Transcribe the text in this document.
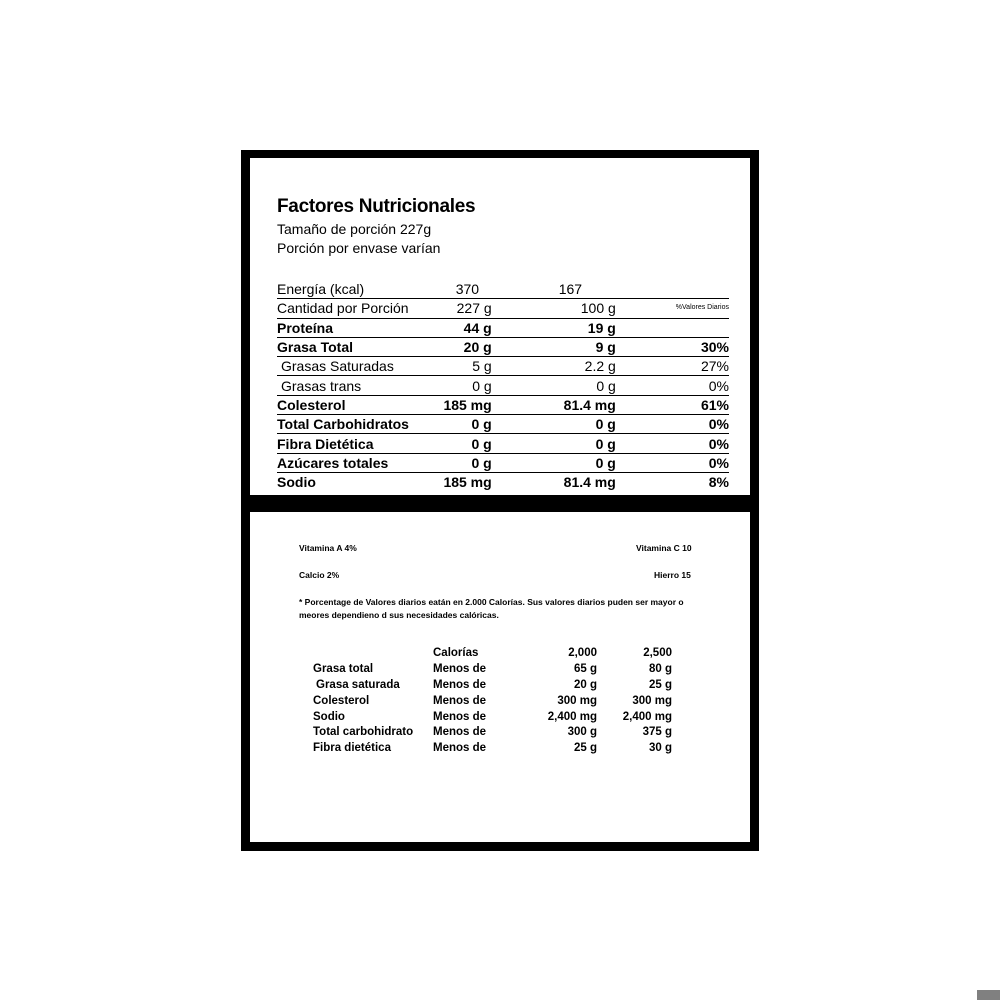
Factores Nutricionales
Tamaño de porción 227g
Porción por envase varían
Energía (kcal)	370	167	
Cantidad por Porción	227 g	100 g	%Valores Diarios
Proteína	44 g	19 g	
Grasa Total	20 g	9 g	30%
Grasas Saturadas	5 g	2.2 g	27%
Grasas trans	0 g	0 g	0%
Colesterol	185 mg	81.4 mg	61%
Total Carbohidratos	0 g	0 g	0%
Fibra Dietética	0 g	0 g	0%
Azúcares totales	0 g	0 g	0%
Sodio	185 mg	81.4 mg	8%
Vitamina A 4%	Vitamina C 10
Calcio 2%	Hierro 15
* Porcentage de Valores diarios eatán en 2.000 Calorías. Sus valores diarios puden ser mayor o meores dependieno d sus necesidades calóricas.
	Calorías	2,000	2,500
Grasa total	Menos de	65 g	80 g
Grasa saturada	Menos de	20 g	25 g
Colesterol	Menos de	300 mg	300 mg
Sodio	Menos de	2,400 mg	2,400 mg
Total carbohidrato	Menos de	300 g	375 g
Fibra dietética	Menos de	25 g	30 g
